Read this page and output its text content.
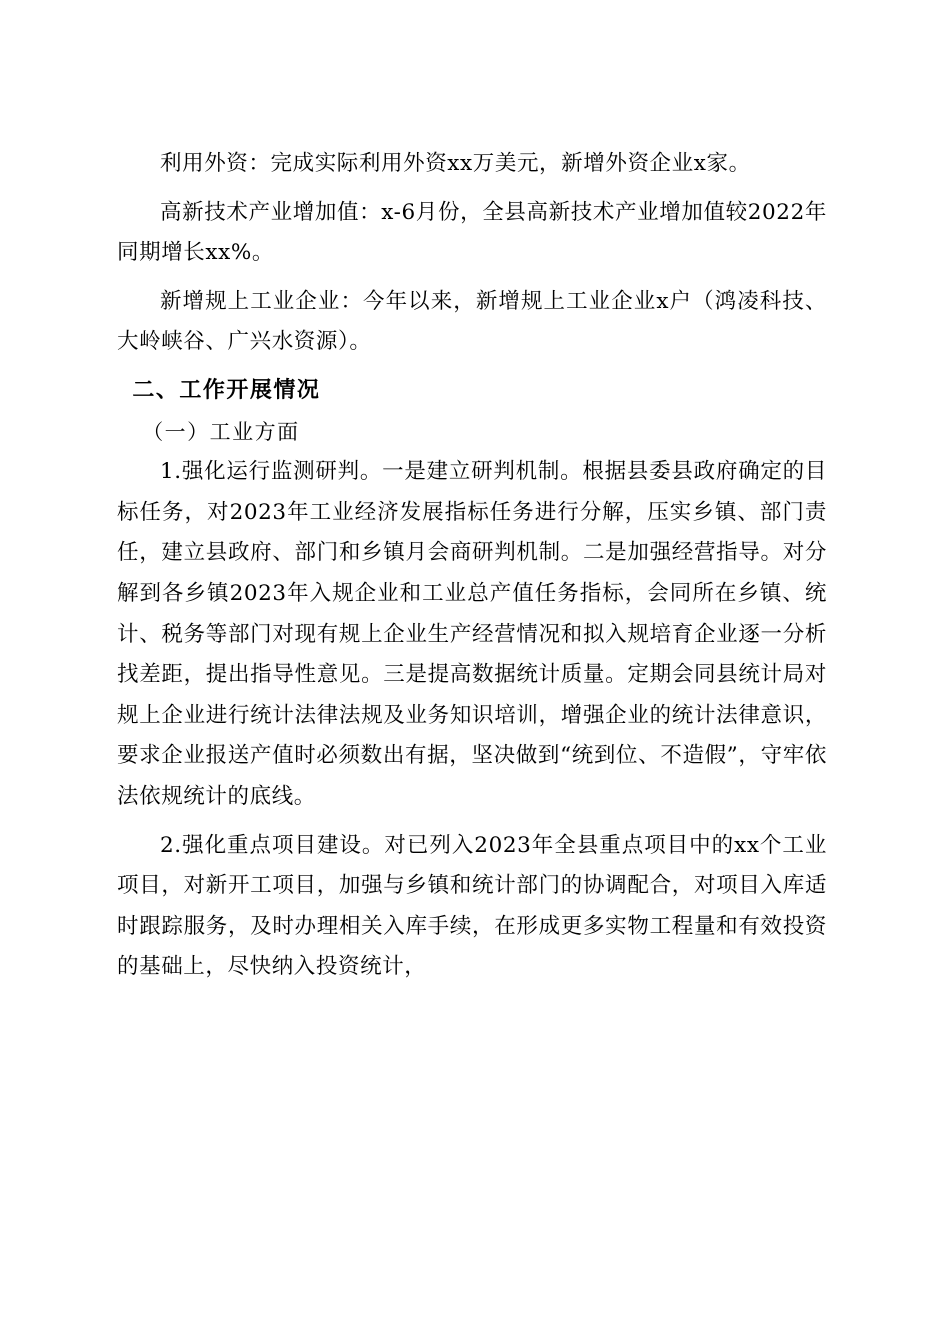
利用外资：完成实际利用外资xx万美元，新增外资企业x家。

高新技术产业增加值：x-6月份，全县高新技术产业增加值较2022年同期增长xx%。

新增规上工业企业：今年以来，新增规上工业企业x户（鸿凌科技、大岭峡谷、广兴水资源）。

二、工作开展情况

（一）工业方面

1.强化运行监测研判。一是建立研判机制。根据县委县政府确定的目标任务，对2023年工业经济发展指标任务进行分解，压实乡镇、部门责任，建立县政府、部门和乡镇月会商研判机制。二是加强经营指导。对分解到各乡镇2023年入规企业和工业总产值任务指标，会同所在乡镇、统计、税务等部门对现有规上企业生产经营情况和拟入规培育企业逐一分析找差距，提出指导性意见。三是提高数据统计质量。定期会同县统计局对规上企业进行统计法律法规及业务知识培训，增强企业的统计法律意识，要求企业报送产值时必须数出有据，坚决做到“统到位、不造假”，守牢依法依规统计的底线。

2.强化重点项目建设。对已列入2023年全县重点项目中的xx个工业项目，对新开工项目，加强与乡镇和统计部门的协调配合，对项目入库适时跟踪服务，及时办理相关入库手续，在形成更多实物工程量和有效投资的基础上，尽快纳入投资统计，
